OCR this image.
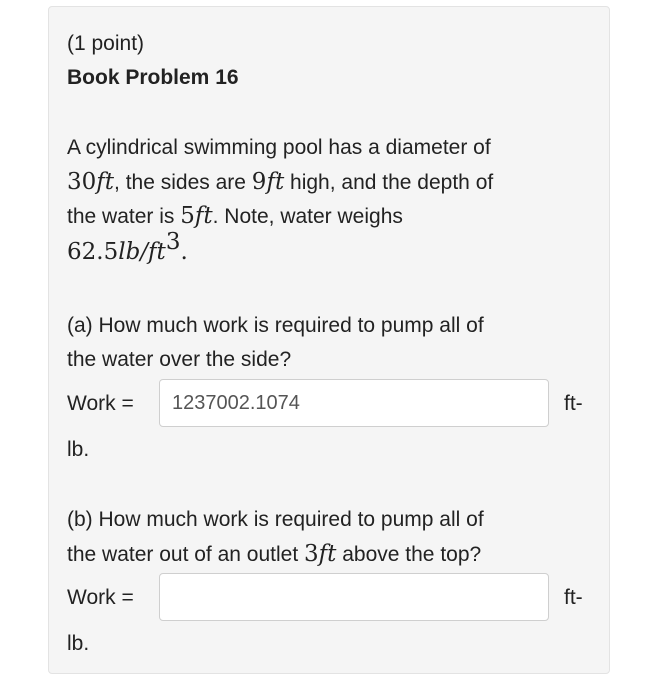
(1 point)
Book Problem 16
A cylindrical swimming pool has a diameter of
30ft, the sides are 9ft high, and the depth of
the water is 5ft. Note, water weighs
$62.5lb/ft^3$.
(a) How much work is required to pump all of
the water over the side?
Work =
1237002.1074	ft-
lb.
(b) How much work is required to pump all of
the water out of an outlet 3ft above the top?
Work =	ft-
lb.
